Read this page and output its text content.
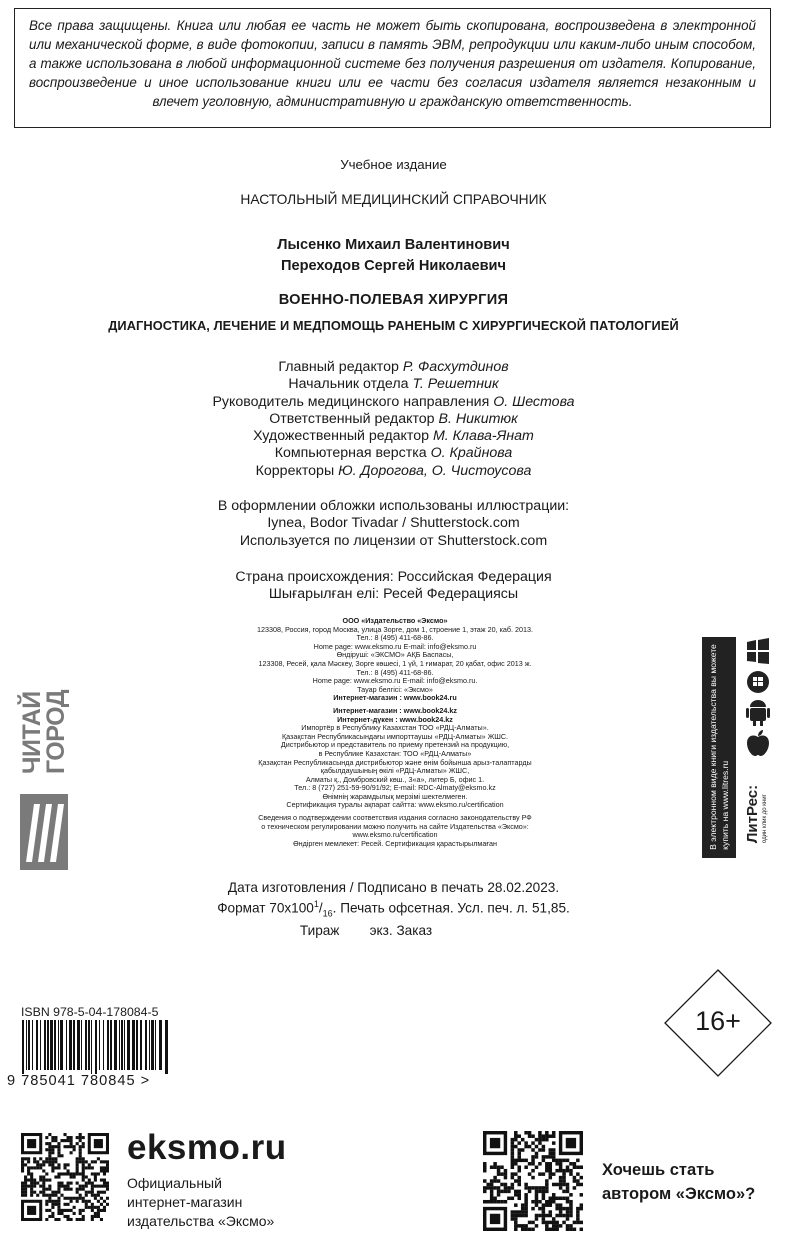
Все права защищены. Книга или любая ее часть не может быть скопирована, воспроизведена в электронной или механической форме, в виде фотокопии, записи в память ЭВМ, репродукции или каким-либо иным способом, а также использована в любой информационной системе без получения разрешения от издателя. Копирование, воспроизведение и иное использование книги или ее части без согласия издателя является незаконным и влечет уголовную, административную и гражданскую ответственность.
Учебное издание
НАСТОЛЬНЫЙ МЕДИЦИНСКИЙ СПРАВОЧНИК
Лысенко Михаил Валентинович
Переходов Сергей Николаевич
ВОЕННО-ПОЛЕВАЯ ХИРУРГИЯ
ДИАГНОСТИКА, ЛЕЧЕНИЕ И МЕДПОМОЩЬ РАНЕНЫМ С ХИРУРГИЧЕСКОЙ ПАТОЛОГИЕЙ
Главный редактор Р. Фасхутдинов
Начальник отдела Т. Решетник
Руководитель медицинского направления О. Шестова
Ответственный редактор В. Никитюк
Художественный редактор М. Клава-Янат
Компьютерная верстка О. Крайнова
Корректоры Ю. Дорогова, О. Чистоусова
В оформлении обложки использованы иллюстрации:
Iynea, Bodor Tivadar / Shutterstock.com
Используется по лицензии от Shutterstock.com
Страна происхождения: Российская Федерация
Шығарылған елі: Ресей Федерациясы
ООО «Издательство «Эксмо»
123308, Россия, город Москва, улица Зорге, дом 1, строение 1, этаж 20, каб. 2013.
Тел.: 8 (495) 411-68-86.
Home page: www.eksmo.ru E-mail: info@eksmo.ru
Өндіруші: «ЭКСМО» АҚБ Баспасы,
123308, Ресей, қала Мәскеу, Зорге көшесі, 1 үй, 1 ғимарат, 20 қабат, офис 2013 ж.
Тел.: 8 (495) 411-68-86.
Home page: www.eksmo.ru E-mail: info@eksmo.ru.
Тауар белгісі: «Эксмо»
Интернет-магазин : www.book24.ru
Интернет-магазин : www.book24.kz
Интернет-дүкен : www.book24.kz
Импортёр в Республику Казахстан ТОО «РДЦ-Алматы».
Қазақстан Республикасындағы импорттаушы «РДЦ-Алматы» ЖШС.
Дистрибьютор и представитель по приему претензий на продукцию,
в Республике Казахстан: ТОО «РДЦ-Алматы»
Қазақстан Республикасында дистрибьютор және өнім бойынша арыз-талаптарды
қабылдаушының өкілі «РДЦ-Алматы» ЖШС,
Алматы қ., Домбровский көш., 3«а», литер Б, офис 1.
Тел.: 8 (727) 251-59-90/91/92; E-mail: RDC-Almaty@eksmo.kz
Өнімнің жарамдылық мерзімі шектелмеген.
Сертификация туралы ақпарат сайтта: www.eksmo.ru/certification
Сведения о подтверждении соответствия издания согласно законодательству РФ
о техническом регулировании можно получить на сайте Издательства «Эксмо»:
www.eksmo.ru/certification
Өндірген мемлекет: Ресей. Сертификация қарастырылмаған
Дата изготовления / Подписано в печать 28.02.2023.
Формат $70x100^1/_{16}$. Печать офсетная. Усл. печ. л. 51,85.
Тираж        экз. Заказ
ЧИТАЙ
ГОРОД	В электронном виде книги издательства вы можете купить на www.litres.ru ЛитРес: один клик до книг
ISBN 978-5-04-178084-5
9 785041 780845 >
16+
eksmo.ru
Официальный
интернет-магазин
издательства «Эксмо»
Хочешь стать
автором «Эксмо»?
